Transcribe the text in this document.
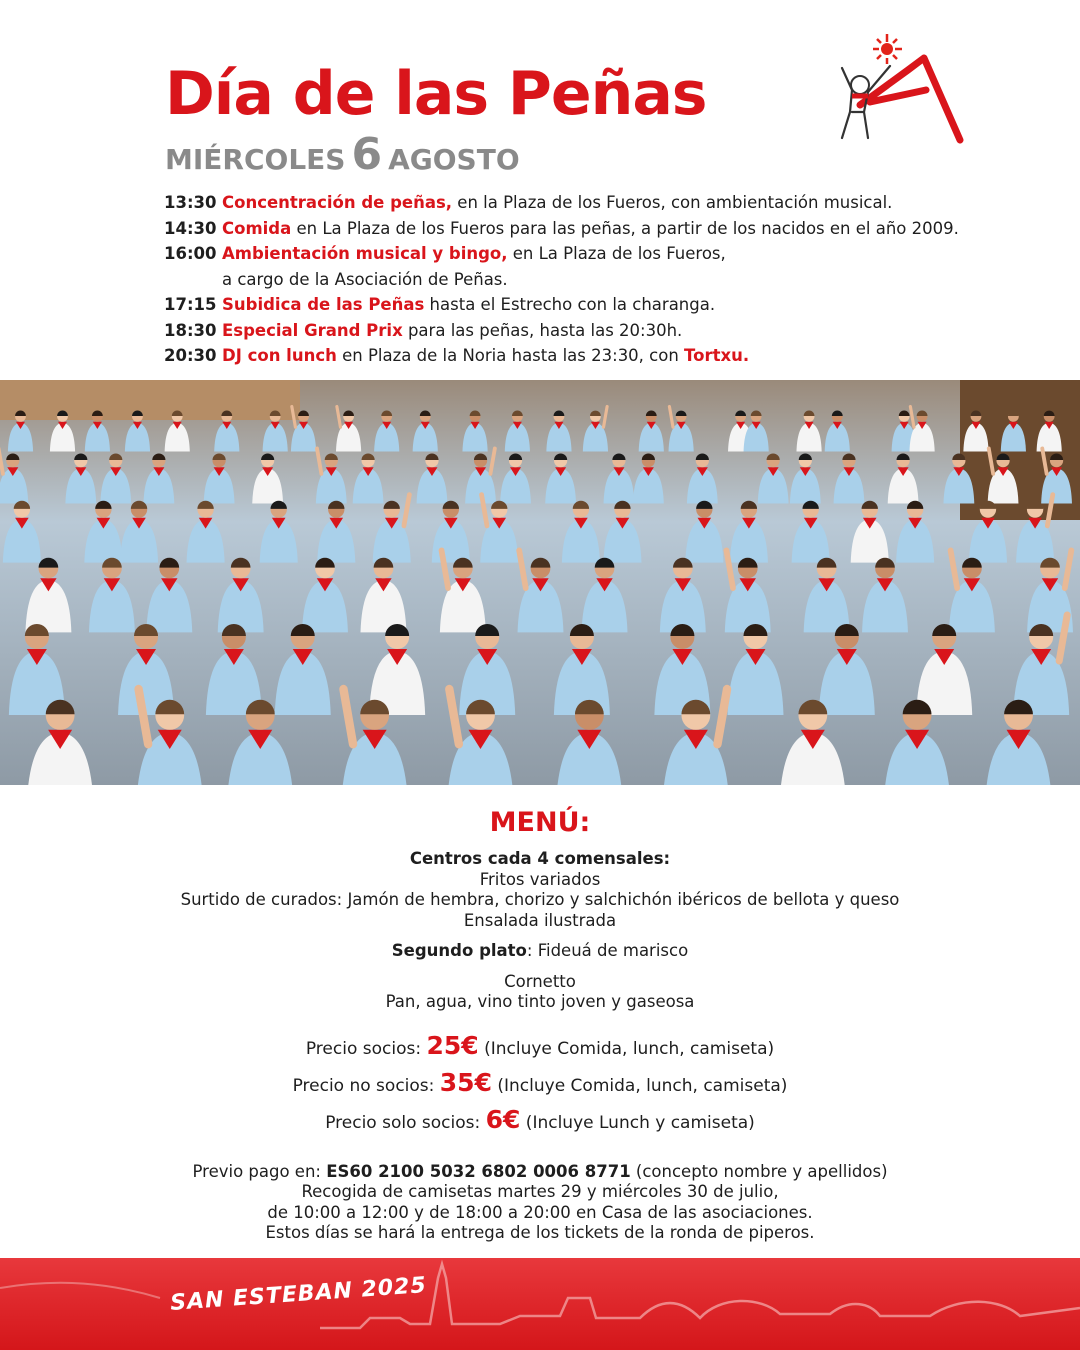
Día de las Peñas
MIÉRCOLES 6 AGOSTO
13:30 Concentración de peñas, en la Plaza de los Fueros, con ambientación musical.
14:30 Comida en La Plaza de los Fueros para las peñas, a partir de los nacidos en el año 2009.
16:00 Ambientación musical y bingo, en La Plaza de los Fueros,
a cargo de la Asociación de Peñas.
17:15 Subidica de las Peñas hasta el Estrecho con la charanga.
18:30 Especial Grand Prix para las peñas, hasta las 20:30h.
20:30 DJ con lunch en Plaza de la Noria hasta las 23:30, con Tortxu.
MENÚ:
Centros cada 4 comensales:
Fritos variados
Surtido de curados: Jamón de hembra, chorizo y salchichón ibéricos de bellota y queso
Ensalada ilustrada
Segundo plato: Fideuá de marisco
Cornetto
Pan, agua, vino tinto joven y gaseosa
Precio socios: 25€ (Incluye Comida, lunch, camiseta)
Precio no socios: 35€ (Incluye Comida, lunch, camiseta)
Precio solo socios: 6€ (Incluye Lunch y camiseta)
Previo pago en: ES60 2100 5032 6802 0006 8771 (concepto nombre y apellidos)
Recogida de camisetas martes 29 y miércoles 30 de julio,
de 10:00 a 12:00 y de 18:00 a 20:00 en Casa de las asociaciones.
Estos días se hará la entrega de los tickets de la ronda de piperos.
SAN ESTEBAN 2025
